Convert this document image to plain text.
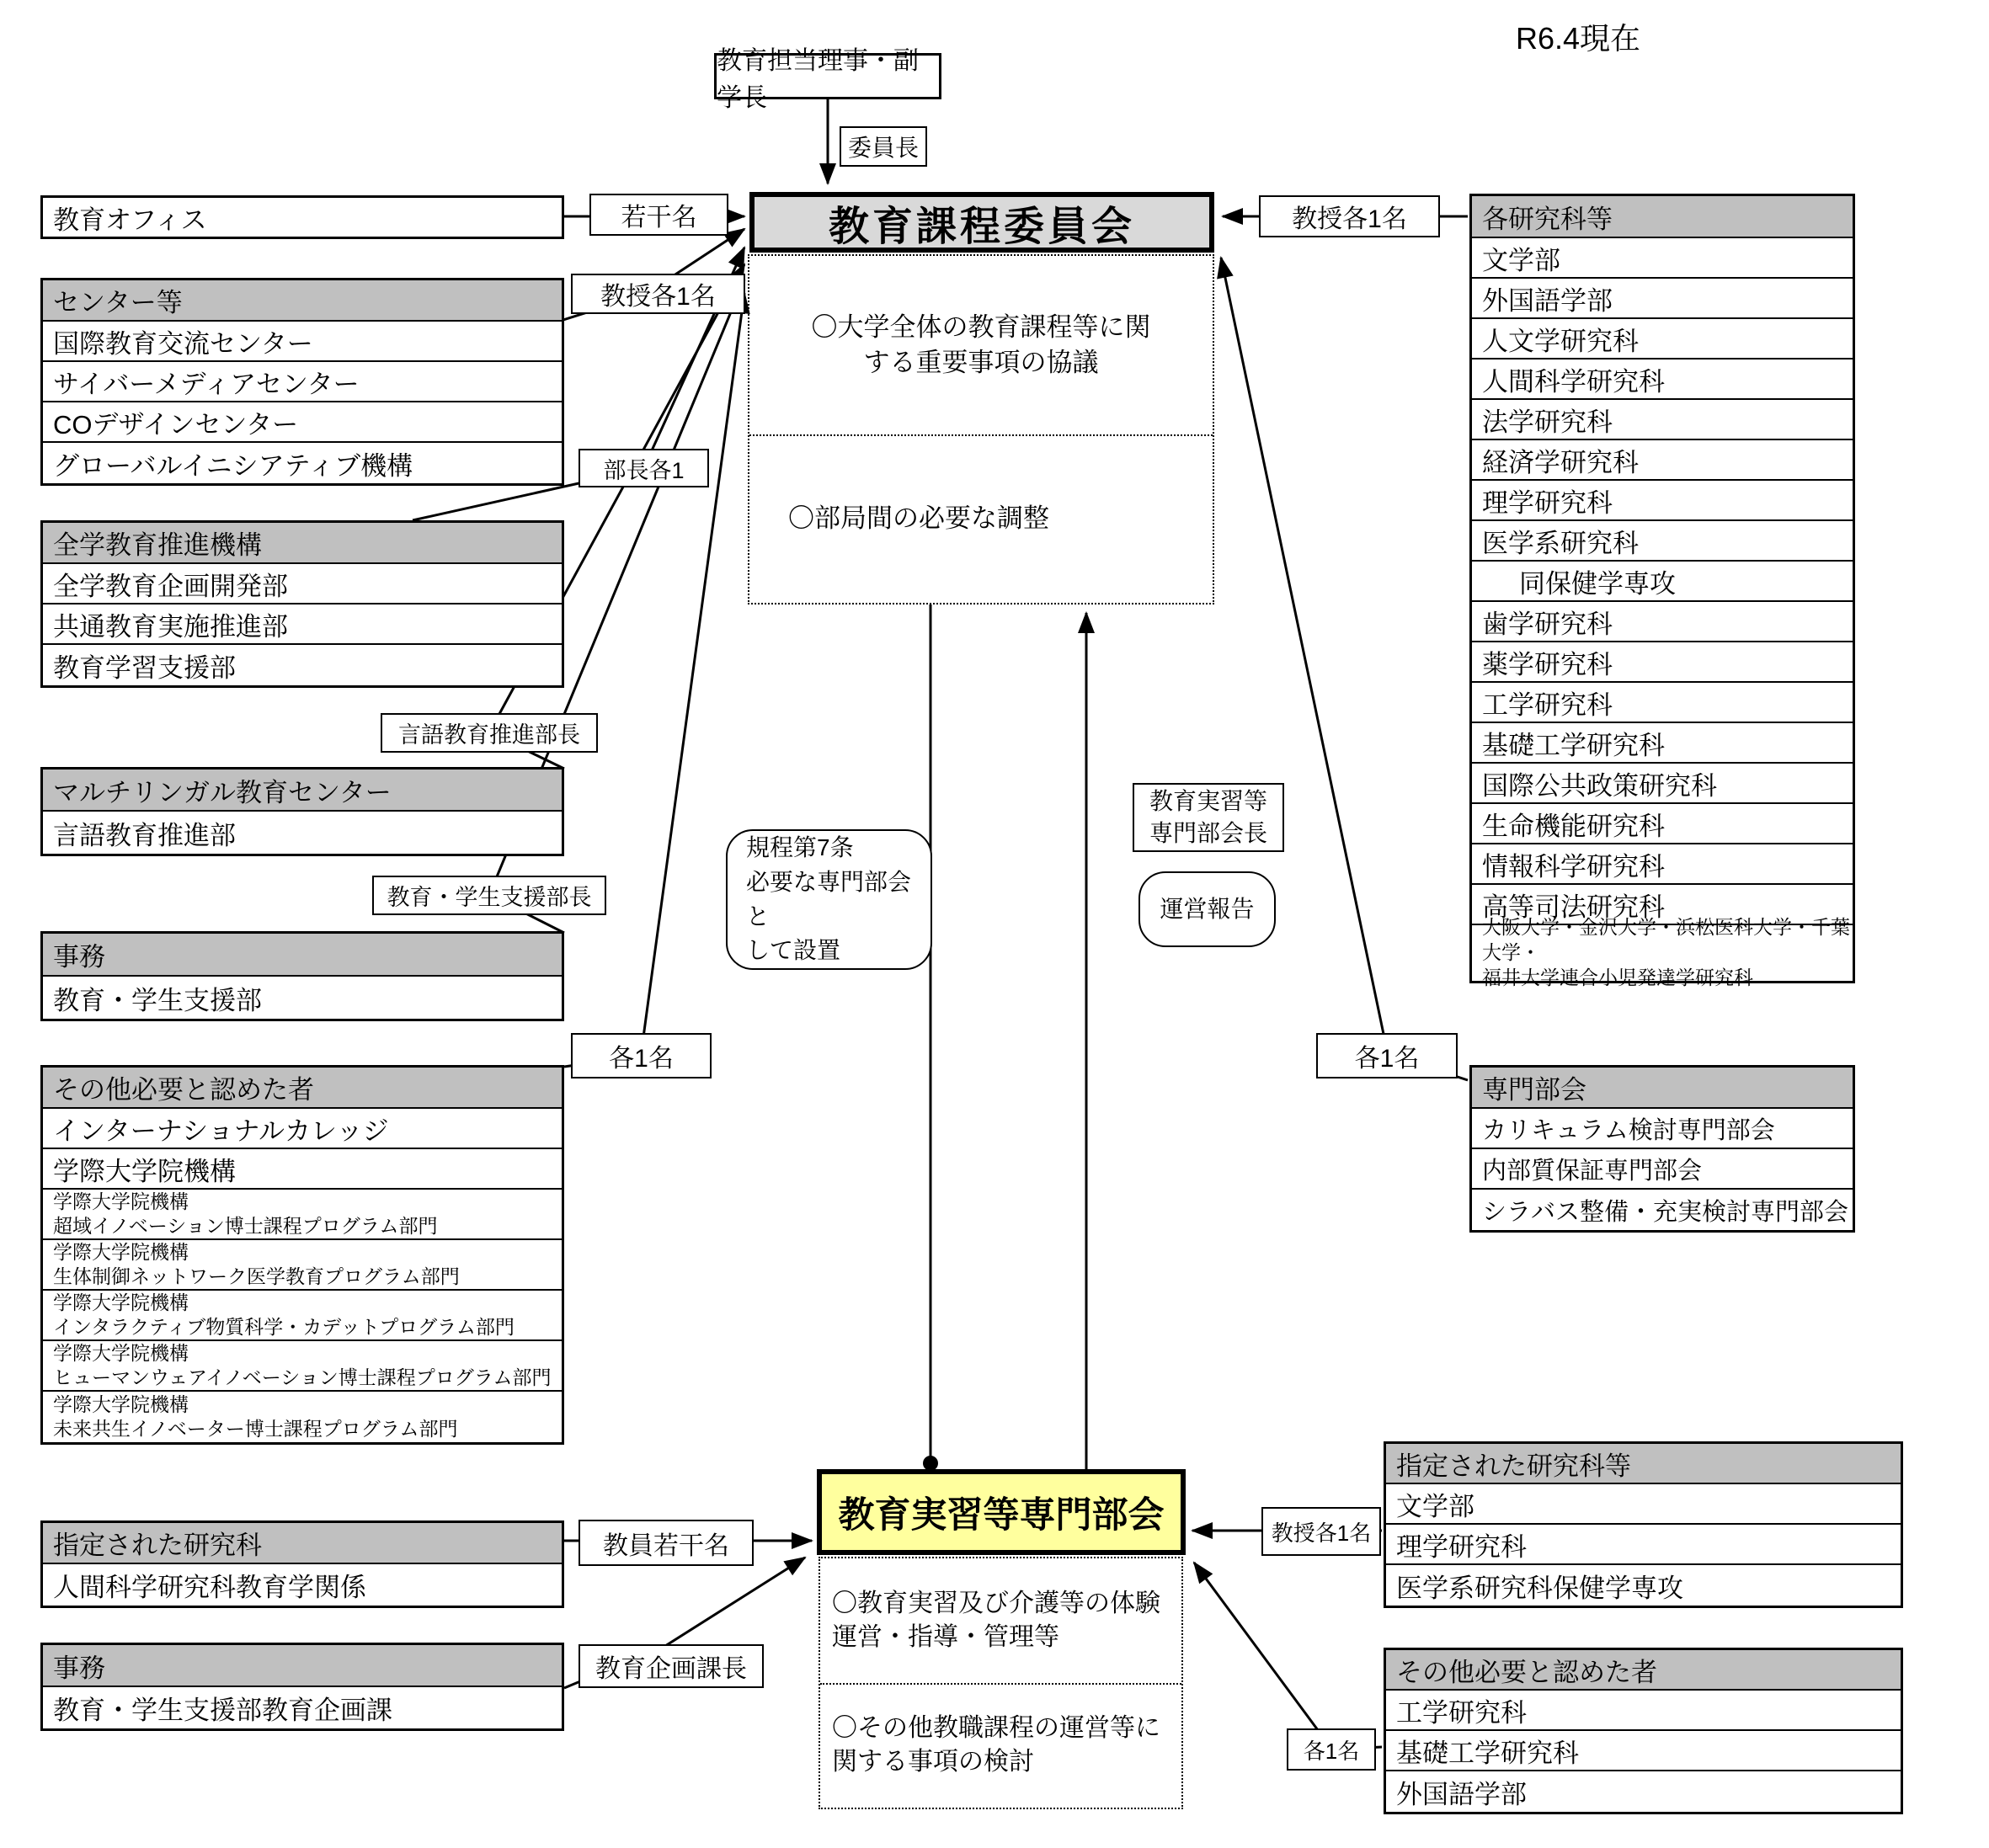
R6.4現在
教育担当理事・副学長
委員長
教育課程委員会
〇大学全体の教育課程等に関
する重要事項の協議
〇部局間の必要な調整
規程第7条
必要な専門部会と
して設置
教育実習等
専門部会長
運営報告
教育実習等専門部会
〇教育実習及び介護等の体験
運営・指導・管理等
〇その他教職課程の運営等に
関する事項の検討
教育オフィス
センター等
国際教育交流センター
サイバーメディアセンター
COデザインセンター
グローバルイニシアティブ機構
全学教育推進機構
全学教育企画開発部
共通教育実施推進部
教育学習支援部
マルチリンガル教育センター
言語教育推進部
事務
教育・学生支援部
その他必要と認めた者
インターナショナルカレッジ
学際大学院機構
学際大学院機構
超域イノベーション博士課程プログラム部門
学際大学院機構
生体制御ネットワーク医学教育プログラム部門
学際大学院機構
インタラクティブ物質科学・カデットプログラム部門
学際大学院機構
ヒューマンウェアイノベーション博士課程プログラム部門
学際大学院機構
未来共生イノベーター博士課程プログラム部門
指定された研究科
人間科学研究科教育学関係
事務
教育・学生支援部教育企画課
各研究科等
文学部
外国語学部
人文学研究科
人間科学研究科
法学研究科
経済学研究科
理学研究科
医学系研究科
同保健学専攻
歯学研究科
薬学研究科
工学研究科
基礎工学研究科
国際公共政策研究科
生命機能研究科
情報科学研究科
高等司法研究科
大阪大学・金沢大学・浜松医科大学・千葉大学・
福井大学連合小児発達学研究科
専門部会
カリキュラム検討専門部会
内部質保証専門部会
シラバス整備・充実検討専門部会
指定された研究科等
文学部
理学研究科
医学系研究科保健学専攻
その他必要と認めた者
工学研究科
基礎工学研究科
外国語学部
若干名
教授各1名
部長各1
言語教育推進部長
教育・学生支援部長
各1名
教員若干名
教育企画課長
教授各1名
各1名
教授各1名
各1名
